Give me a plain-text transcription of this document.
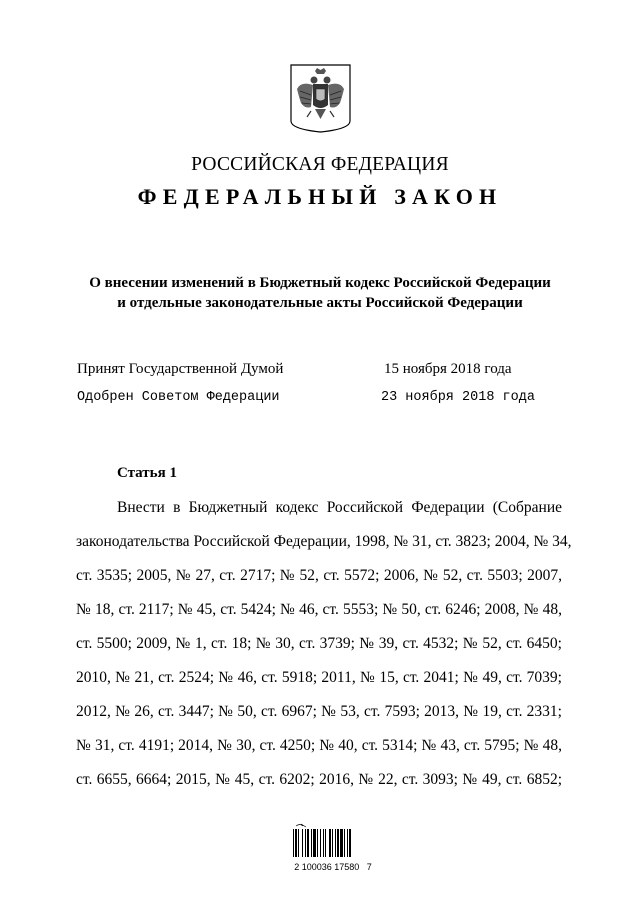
РОССИЙСКАЯ ФЕДЕРАЦИЯ
ФЕДЕРАЛЬНЫЙ ЗАКОН
О внесении изменений в Бюджетный кодекс Российской Федерации
и отдельные законодательные акты Российской Федерации
Принят Государственной Думой	15 ноября 2018 года
Одобрен Советом Федерации	23 ноября 2018 года
Статья 1
Внести в Бюджетный кодекс Российской Федерации (Собрание
законодательства Российской Федерации, 1998, № 31, ст. 3823; 2004, № 34,
ст. 3535; 2005, № 27, ст. 2717; № 52, ст. 5572; 2006, № 52, ст. 5503; 2007,
№ 18, ст. 2117; № 45, ст. 5424; № 46, ст. 5553; № 50, ст. 6246; 2008, № 48,
ст. 5500; 2009, № 1, ст. 18; № 30, ст. 3739; № 39, ст. 4532; № 52, ст. 6450;
2010, № 21, ст. 2524; № 46, ст. 5918; 2011, № 15, ст. 2041; № 49, ст. 7039;
2012, № 26, ст. 3447; № 50, ст. 6967; № 53, ст. 7593; 2013, № 19, ст. 2331;
№ 31, ст. 4191; 2014, № 30, ст. 4250; № 40, ст. 5314; № 43, ст. 5795; № 48,
ст. 6655, 6664; 2015, № 45, ст. 6202; 2016, № 22, ст. 3093; № 49, ст. 6852;
2 100036 17580   7
